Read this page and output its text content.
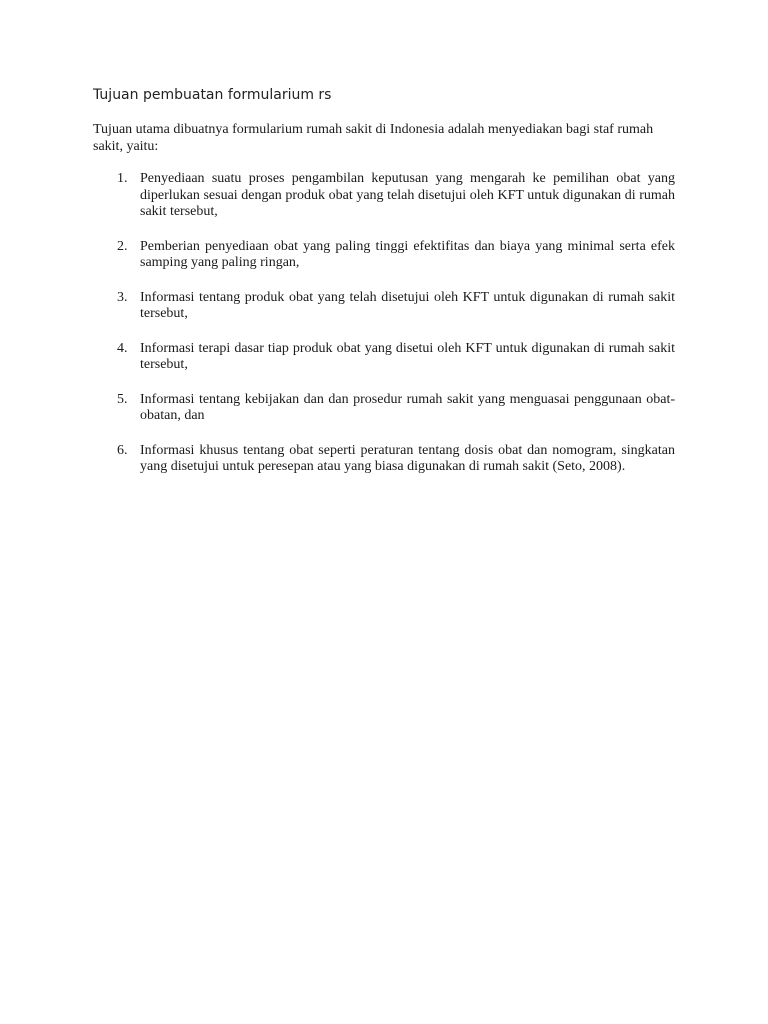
Tujuan pembuatan formularium rs

Tujuan utama dibuatnya formularium rumah sakit di Indonesia adalah menyediakan bagi staf rumah sakit, yaitu:

1. Penyediaan suatu proses pengambilan keputusan yang mengarah ke pemilihan obat yang diperlukan sesuai dengan produk obat yang telah disetujui oleh KFT untuk digunakan di rumah sakit tersebut,
2. Pemberian penyediaan obat yang paling tinggi efektifitas dan biaya yang minimal serta efek samping yang paling ringan,
3. Informasi tentang produk obat yang telah disetujui oleh KFT untuk digunakan di rumah sakit tersebut,
4. Informasi terapi dasar tiap produk obat yang disetui oleh KFT untuk digunakan di rumah sakit tersebut,
5. Informasi tentang kebijakan dan dan prosedur rumah sakit yang menguasai penggunaan obat-obatan, dan
6. Informasi khusus tentang obat seperti peraturan tentang dosis obat dan nomogram, singkatan yang disetujui untuk peresepan atau yang biasa digunakan di rumah sakit (Seto, 2008).
